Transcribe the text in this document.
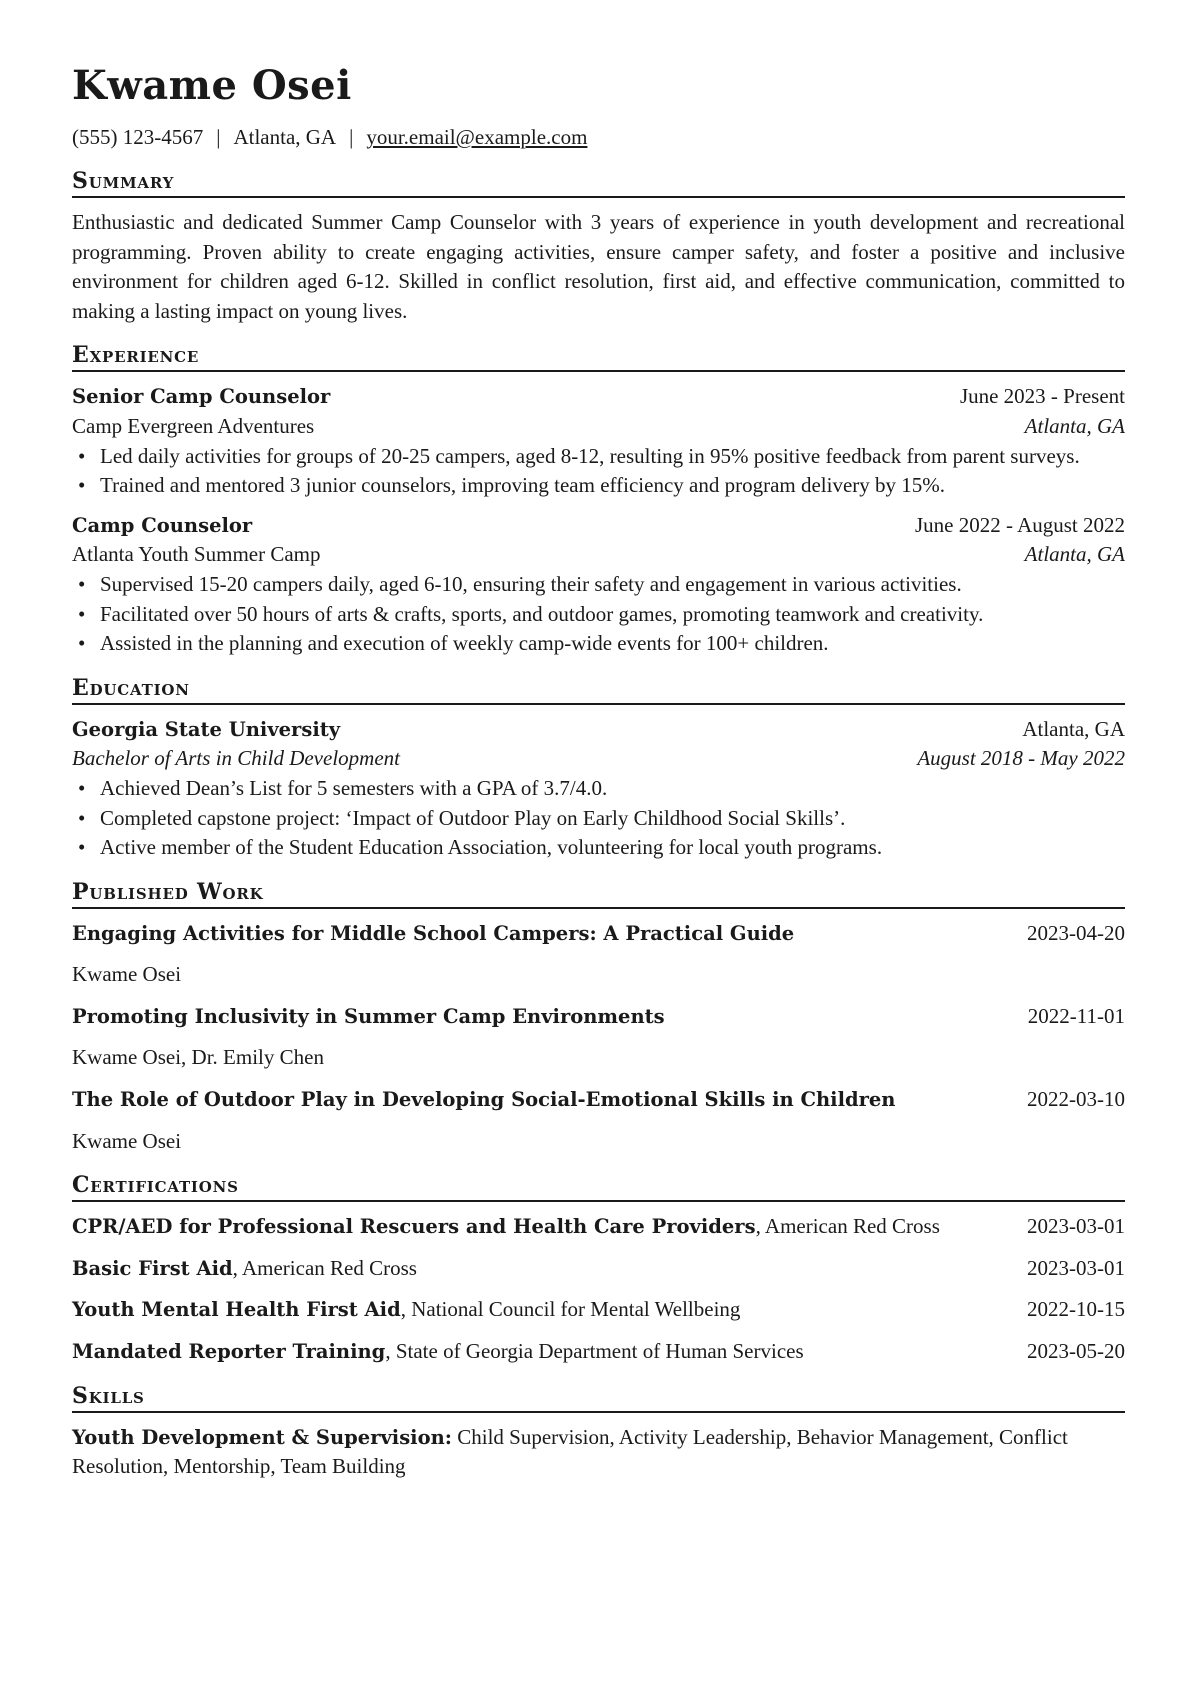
Kwame Osei
(555) 123-4567 | Atlanta, GA | your.email@example.com
Summary
Enthusiastic and dedicated Summer Camp Counselor with 3 years of experience in youth development and recreational programming. Proven ability to create engaging activities, ensure camper safety, and foster a positive and inclusive environment for children aged 6-12. Skilled in conflict resolution, first aid, and effective communication, committed to making a lasting impact on young lives.
Experience
Senior Camp Counselor	June 2023 - Present
Camp Evergreen Adventures	Atlanta, GA
• Led daily activities for groups of 20-25 campers, aged 8-12, resulting in 95% positive feedback from parent surveys.
• Trained and mentored 3 junior counselors, improving team efficiency and program delivery by 15%.
Camp Counselor	June 2022 - August 2022
Atlanta Youth Summer Camp	Atlanta, GA
• Supervised 15-20 campers daily, aged 6-10, ensuring their safety and engagement in various activities.
• Facilitated over 50 hours of arts & crafts, sports, and outdoor games, promoting teamwork and creativity.
• Assisted in the planning and execution of weekly camp-wide events for 100+ children.
Education
Georgia State University	Atlanta, GA
Bachelor of Arts in Child Development	August 2018 - May 2022
• Achieved Dean’s List for 5 semesters with a GPA of 3.7/4.0.
• Completed capstone project: ‘Impact of Outdoor Play on Early Childhood Social Skills’.
• Active member of the Student Education Association, volunteering for local youth programs.
Published Work
Engaging Activities for Middle School Campers: A Practical Guide	2023-04-20
Kwame Osei
Promoting Inclusivity in Summer Camp Environments	2022-11-01
Kwame Osei, Dr. Emily Chen
The Role of Outdoor Play in Developing Social-Emotional Skills in Children	2022-03-10
Kwame Osei
Certifications
CPR/AED for Professional Rescuers and Health Care Providers, American Red Cross	2023-03-01
Basic First Aid, American Red Cross	2023-03-01
Youth Mental Health First Aid, National Council for Mental Wellbeing	2022-10-15
Mandated Reporter Training, State of Georgia Department of Human Services	2023-05-20
Skills
Youth Development & Supervision: Child Supervision, Activity Leadership, Behavior Management, Conflict Resolution, Mentorship, Team Building
